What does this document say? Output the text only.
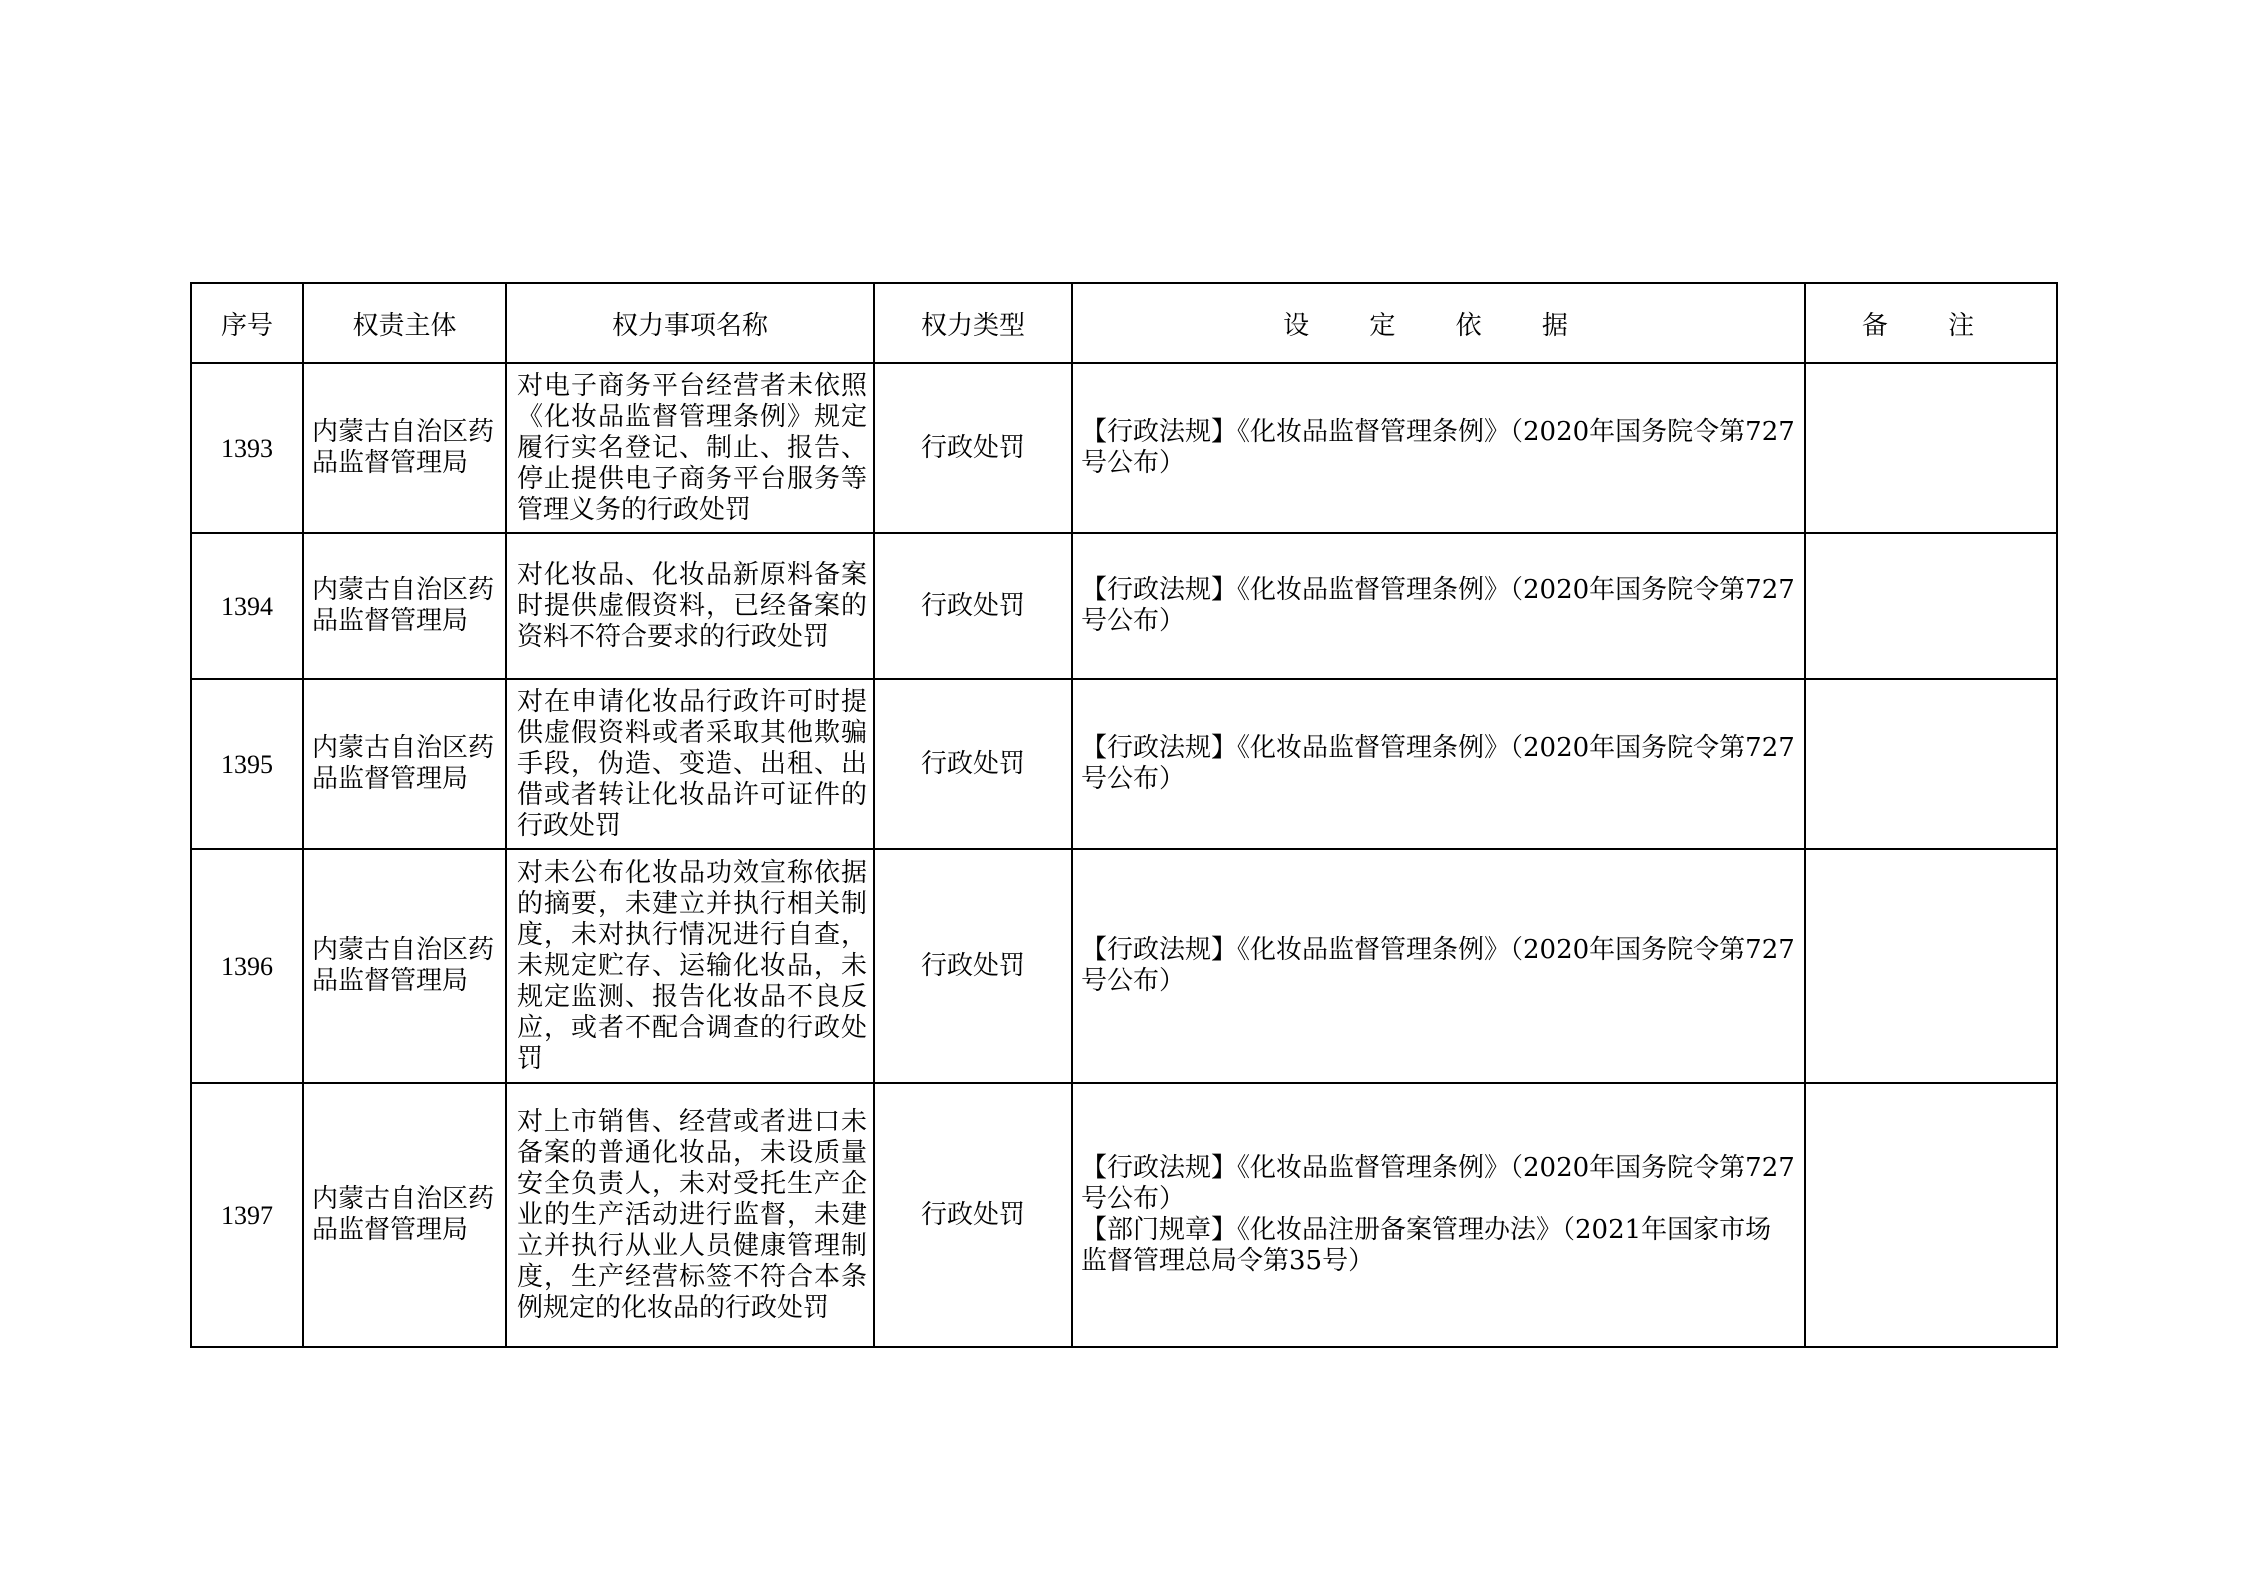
序号	权责主体	权力事项名称	权力类型	设 定 依 据	备 注
1393	内蒙古自治区药品监督管理局	对电子商务平台经营者未依照《化妆品监督管理条例》规定履行实名登记、制止、报告、停止提供电子商务平台服务等管理义务的行政处罚	行政处罚	【行政法规】《化妆品监督管理条例》（2020年国务院令第727号公布）	

1394	内蒙古自治区药品监督管理局	对化妆品、化妆品新原料备案时提供虚假资料，已经备案的资料不符合要求的行政处罚	行政处罚	【行政法规】《化妆品监督管理条例》（2020年国务院令第727号公布）	

1395	内蒙古自治区药品监督管理局	对在申请化妆品行政许可时提供虚假资料或者采取其他欺骗手段，伪造、变造、出租、出借或者转让化妆品许可证件的行政处罚	行政处罚	【行政法规】《化妆品监督管理条例》（2020年国务院令第727号公布）	

1396	内蒙古自治区药品监督管理局	对未公布化妆品功效宣称依据的摘要，未建立并执行相关制度，未对执行情况进行自查，未规定贮存、运输化妆品，未规定监测、报告化妆品不良反应，或者不配合调查的行政处罚	行政处罚	【行政法规】《化妆品监督管理条例》（2020年国务院令第727号公布）	

1397	内蒙古自治区药品监督管理局	对上市销售、经营或者进口未备案的普通化妆品，未设质量安全负责人，未对受托生产企业的生产活动进行监督，未建立并执行从业人员健康管理制度，生产经营标签不符合本条例规定的化妆品的行政处罚	行政处罚	【行政法规】《化妆品监督管理条例》（2020年国务院令第727号公布）
【部门规章】《化妆品注册备案管理办法》（2021年国家市场监督管理总局令第35号）	
